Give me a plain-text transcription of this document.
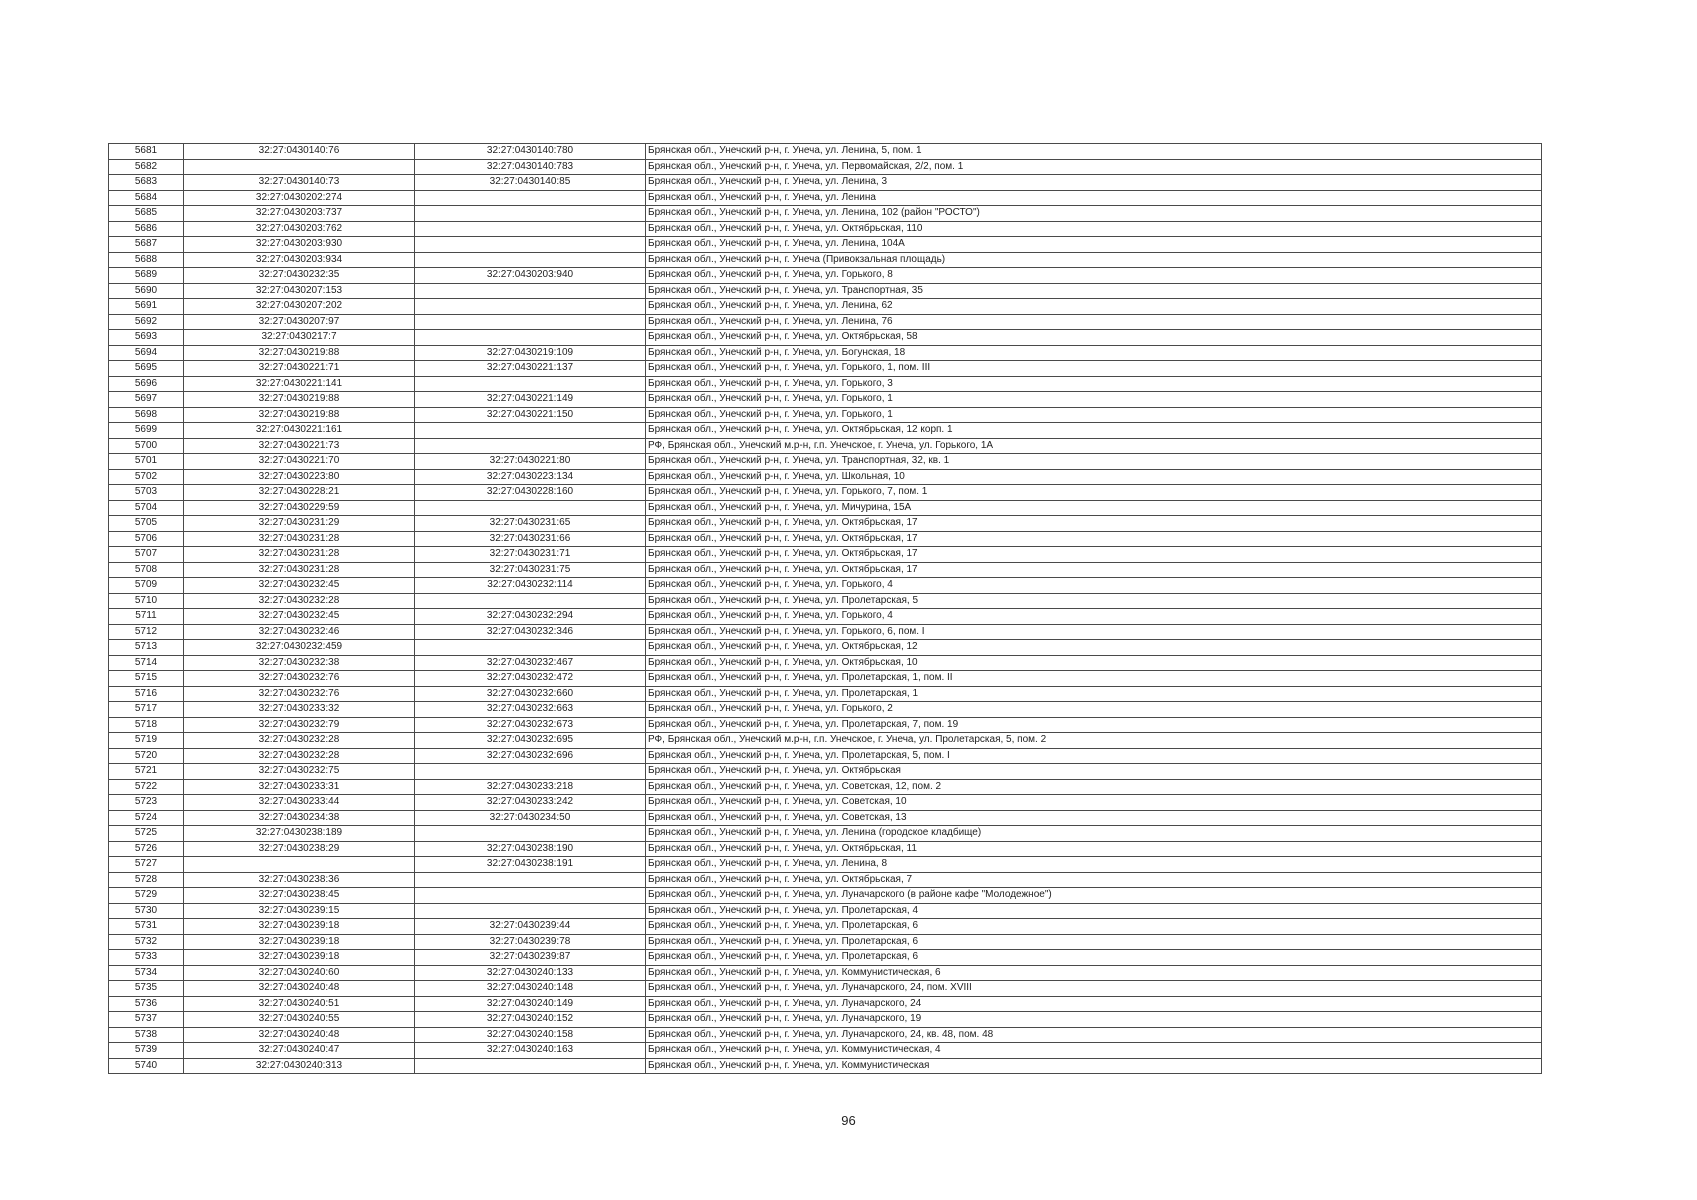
5681	32:27:0430140:76	32:27:0430140:780	Брянская обл., Унечский р-н, г. Унеча, ул. Ленина, 5, пом. 1
5682		32:27:0430140:783	Брянская обл., Унечский р-н, г. Унеча, ул. Первомайская, 2/2, пом. 1
5683	32:27:0430140:73	32:27:0430140:85	Брянская обл., Унечский р-н, г. Унеча, ул. Ленина, 3
5684	32:27:0430202:274		Брянская обл., Унечский р-н, г. Унеча, ул. Ленина
5685	32:27:0430203:737		Брянская обл., Унечский р-н, г. Унеча, ул. Ленина, 102 (район "РОСТО")
5686	32:27:0430203:762		Брянская обл., Унечский р-н, г. Унеча, ул. Октябрьская, 110
5687	32:27:0430203:930		Брянская обл., Унечский р-н, г. Унеча, ул. Ленина, 104А
5688	32:27:0430203:934		Брянская обл., Унечский р-н, г. Унеча (Привокзальная площадь)
5689	32:27:0430232:35	32:27:0430203:940	Брянская обл., Унечский р-н, г. Унеча, ул. Горького, 8
5690	32:27:0430207:153		Брянская обл., Унечский р-н, г. Унеча, ул. Транспортная, 35
5691	32:27:0430207:202		Брянская обл., Унечский р-н, г. Унеча, ул. Ленина, 62
5692	32:27:0430207:97		Брянская обл., Унечский р-н, г. Унеча, ул. Ленина, 76
5693	32:27:0430217:7		Брянская обл., Унечский р-н, г. Унеча, ул. Октябрьская, 58
5694	32:27:0430219:88	32:27:0430219:109	Брянская обл., Унечский р-н, г. Унеча, ул. Богунская, 18
5695	32:27:0430221:71	32:27:0430221:137	Брянская обл., Унечский р-н, г. Унеча, ул. Горького, 1, пом. III
5696	32:27:0430221:141		Брянская обл., Унечский р-н, г. Унеча, ул. Горького, 3
5697	32:27:0430219:88	32:27:0430221:149	Брянская обл., Унечский р-н, г. Унеча, ул. Горького, 1
5698	32:27:0430219:88	32:27:0430221:150	Брянская обл., Унечский р-н, г. Унеча, ул. Горького, 1
5699	32:27:0430221:161		Брянская обл., Унечский р-н, г. Унеча, ул. Октябрьская, 12 корп. 1
5700	32:27:0430221:73		РФ, Брянская обл., Унечский м.р-н, г.п. Унечское, г. Унеча, ул. Горького, 1А
5701	32:27:0430221:70	32:27:0430221:80	Брянская обл., Унечский р-н, г. Унеча, ул. Транспортная, 32, кв. 1
5702	32:27:0430223:80	32:27:0430223:134	Брянская обл., Унечский р-н, г. Унеча, ул. Школьная, 10
5703	32:27:0430228:21	32:27:0430228:160	Брянская обл., Унечский р-н, г. Унеча, ул. Горького, 7, пом. 1
5704	32:27:0430229:59		Брянская обл., Унечский р-н, г. Унеча, ул. Мичурина, 15А
5705	32:27:0430231:29	32:27:0430231:65	Брянская обл., Унечский р-н, г. Унеча, ул. Октябрьская, 17
5706	32:27:0430231:28	32:27:0430231:66	Брянская обл., Унечский р-н, г. Унеча, ул. Октябрьская, 17
5707	32:27:0430231:28	32:27:0430231:71	Брянская обл., Унечский р-н, г. Унеча, ул. Октябрьская, 17
5708	32:27:0430231:28	32:27:0430231:75	Брянская обл., Унечский р-н, г. Унеча, ул. Октябрьская, 17
5709	32:27:0430232:45	32:27:0430232:114	Брянская обл., Унечский р-н, г. Унеча, ул. Горького, 4
5710	32:27:0430232:28		Брянская обл., Унечский р-н, г. Унеча, ул. Пролетарская, 5
5711	32:27:0430232:45	32:27:0430232:294	Брянская обл., Унечский р-н, г. Унеча, ул. Горького, 4
5712	32:27:0430232:46	32:27:0430232:346	Брянская обл., Унечский р-н, г. Унеча, ул. Горького, 6, пом. I
5713	32:27:0430232:459		Брянская обл., Унечский р-н, г. Унеча, ул. Октябрьская, 12
5714	32:27:0430232:38	32:27:0430232:467	Брянская обл., Унечский р-н, г. Унеча, ул. Октябрьская, 10
5715	32:27:0430232:76	32:27:0430232:472	Брянская обл., Унечский р-н, г. Унеча, ул. Пролетарская, 1, пом. II
5716	32:27:0430232:76	32:27:0430232:660	Брянская обл., Унечский р-н, г. Унеча, ул. Пролетарская, 1
5717	32:27:0430233:32	32:27:0430232:663	Брянская обл., Унечский р-н, г. Унеча, ул. Горького, 2
5718	32:27:0430232:79	32:27:0430232:673	Брянская обл., Унечский р-н, г. Унеча, ул. Пролетарская, 7, пом. 19
5719	32:27:0430232:28	32:27:0430232:695	РФ, Брянская обл., Унечский м.р-н, г.п. Унечское, г. Унеча, ул. Пролетарская, 5, пом. 2
5720	32:27:0430232:28	32:27:0430232:696	Брянская обл., Унечский р-н, г. Унеча, ул. Пролетарская, 5, пом. I
5721	32:27:0430232:75		Брянская обл., Унечский р-н, г. Унеча, ул. Октябрьская
5722	32:27:0430233:31	32:27:0430233:218	Брянская обл., Унечский р-н, г. Унеча, ул. Советская, 12, пом. 2
5723	32:27:0430233:44	32:27:0430233:242	Брянская обл., Унечский р-н, г. Унеча, ул. Советская, 10
5724	32:27:0430234:38	32:27:0430234:50	Брянская обл., Унечский р-н, г. Унеча, ул. Советская, 13
5725	32:27:0430238:189		Брянская обл., Унечский р-н, г. Унеча, ул. Ленина (городское кладбище)
5726	32:27:0430238:29	32:27:0430238:190	Брянская обл., Унечский р-н, г. Унеча, ул. Октябрьская, 11
5727		32:27:0430238:191	Брянская обл., Унечский р-н, г. Унеча, ул. Ленина, 8
5728	32:27:0430238:36		Брянская обл., Унечский р-н, г. Унеча, ул. Октябрьская, 7
5729	32:27:0430238:45		Брянская обл., Унечский р-н, г. Унеча, ул. Луначарского (в районе кафе "Молодежное")
5730	32:27:0430239:15		Брянская обл., Унечский р-н, г. Унеча, ул. Пролетарская, 4
5731	32:27:0430239:18	32:27:0430239:44	Брянская обл., Унечский р-н, г. Унеча, ул. Пролетарская, 6
5732	32:27:0430239:18	32:27:0430239:78	Брянская обл., Унечский р-н, г. Унеча, ул. Пролетарская, 6
5733	32:27:0430239:18	32:27:0430239:87	Брянская обл., Унечский р-н, г. Унеча, ул. Пролетарская, 6
5734	32:27:0430240:60	32:27:0430240:133	Брянская обл., Унечский р-н, г. Унеча, ул. Коммунистическая, 6
5735	32:27:0430240:48	32:27:0430240:148	Брянская обл., Унечский р-н, г. Унеча, ул. Луначарского, 24, пом. XVIII
5736	32:27:0430240:51	32:27:0430240:149	Брянская обл., Унечский р-н, г. Унеча, ул. Луначарского, 24
5737	32:27:0430240:55	32:27:0430240:152	Брянская обл., Унечский р-н, г. Унеча, ул. Луначарского, 19
5738	32:27:0430240:48	32:27:0430240:158	Брянская обл., Унечский р-н, г. Унеча, ул. Луначарского, 24, кв. 48, пом. 48
5739	32:27:0430240:47	32:27:0430240:163	Брянская обл., Унечский р-н, г. Унеча, ул. Коммунистическая, 4
5740	32:27:0430240:313		Брянская обл., Унечский р-н, г. Унеча, ул. Коммунистическая
96
